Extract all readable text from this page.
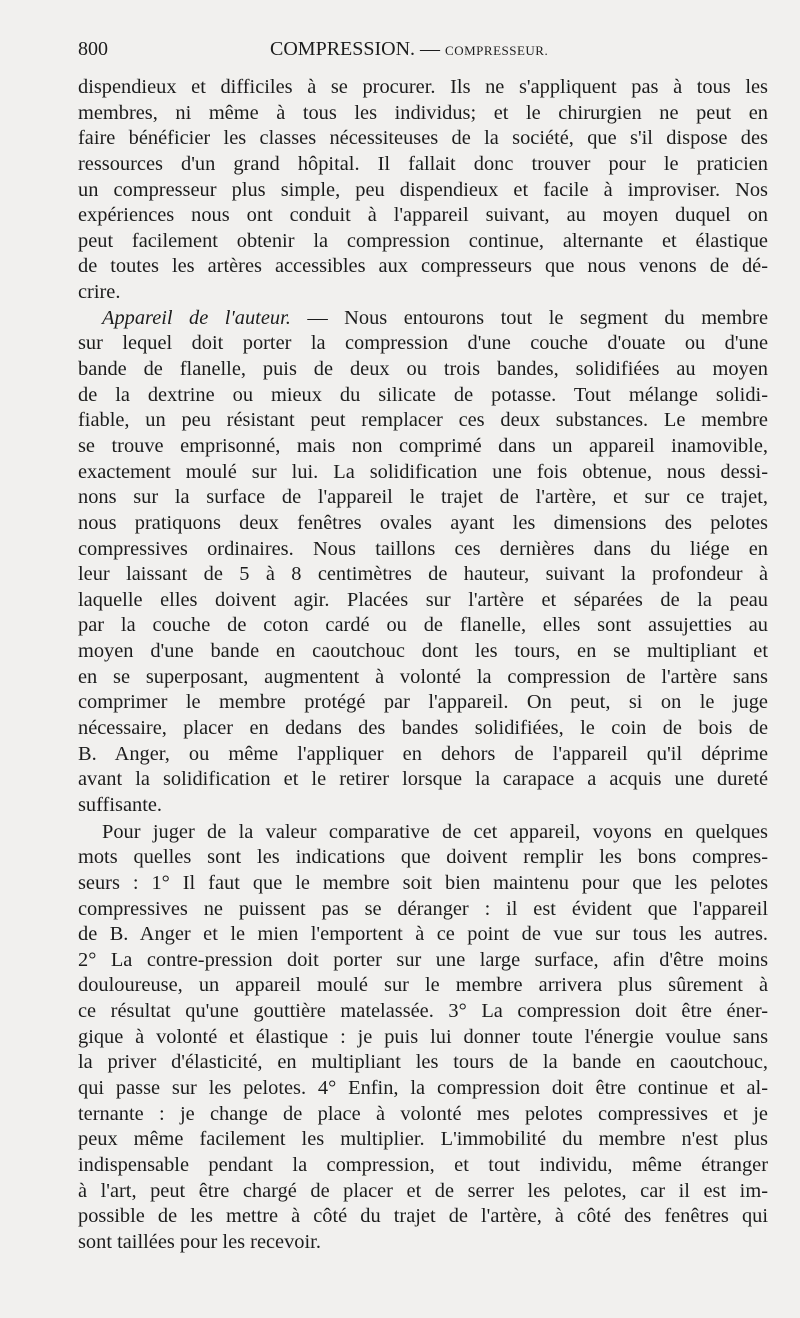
800	COMPRESSION. — COMPRESSEUR.
dispendieux et difficiles à se procurer. Ils ne s'appliquent pas à tous les
membres, ni même à tous les individus; et le chirurgien ne peut en
faire bénéficier les classes nécessiteuses de la société, que s'il dispose des
ressources d'un grand hôpital. Il fallait donc trouver pour le praticien
un compresseur plus simple, peu dispendieux et facile à improviser. Nos
expériences nous ont conduit à l'appareil suivant, au moyen duquel on
peut facilement obtenir la compression continue, alternante et élastique
de toutes les artères accessibles aux compresseurs que nous venons de dé-
crire.
Appareil de l'auteur. — Nous entourons tout le segment du membre
sur lequel doit porter la compression d'une couche d'ouate ou d'une
bande de flanelle, puis de deux ou trois bandes, solidifiées au moyen
de la dextrine ou mieux du silicate de potasse. Tout mélange solidi-
fiable, un peu résistant peut remplacer ces deux substances. Le membre
se trouve emprisonné, mais non comprimé dans un appareil inamovible,
exactement moulé sur lui. La solidification une fois obtenue, nous dessi-
nons sur la surface de l'appareil le trajet de l'artère, et sur ce trajet,
nous pratiquons deux fenêtres ovales ayant les dimensions des pelotes
compressives ordinaires. Nous taillons ces dernières dans du liége en
leur laissant de 5 à 8 centimètres de hauteur, suivant la profondeur à
laquelle elles doivent agir. Placées sur l'artère et séparées de la peau
par la couche de coton cardé ou de flanelle, elles sont assujetties au
moyen d'une bande en caoutchouc dont les tours, en se multipliant et
en se superposant, augmentent à volonté la compression de l'artère sans
comprimer le membre protégé par l'appareil. On peut, si on le juge
nécessaire, placer en dedans des bandes solidifiées, le coin de bois de
B. Anger, ou même l'appliquer en dehors de l'appareil qu'il déprime
avant la solidification et le retirer lorsque la carapace a acquis une dureté
suffisante.
Pour juger de la valeur comparative de cet appareil, voyons en quelques
mots quelles sont les indications que doivent remplir les bons compres-
seurs : 1° Il faut que le membre soit bien maintenu pour que les pelotes
compressives ne puissent pas se déranger : il est évident que l'appareil
de B. Anger et le mien l'emportent à ce point de vue sur tous les autres.
2° La contre-pression doit porter sur une large surface, afin d'être moins
douloureuse, un appareil moulé sur le membre arrivera plus sûrement à
ce résultat qu'une gouttière matelassée. 3° La compression doit être éner-
gique à volonté et élastique : je puis lui donner toute l'énergie voulue sans
la priver d'élasticité, en multipliant les tours de la bande en caoutchouc,
qui passe sur les pelotes. 4° Enfin, la compression doit être continue et al-
ternante : je change de place à volonté mes pelotes compressives et je
peux même facilement les multiplier. L'immobilité du membre n'est plus
indispensable pendant la compression, et tout individu, même étranger
à l'art, peut être chargé de placer et de serrer les pelotes, car il est im-
possible de les mettre à côté du trajet de l'artère, à côté des fenêtres qui
sont taillées pour les recevoir.
